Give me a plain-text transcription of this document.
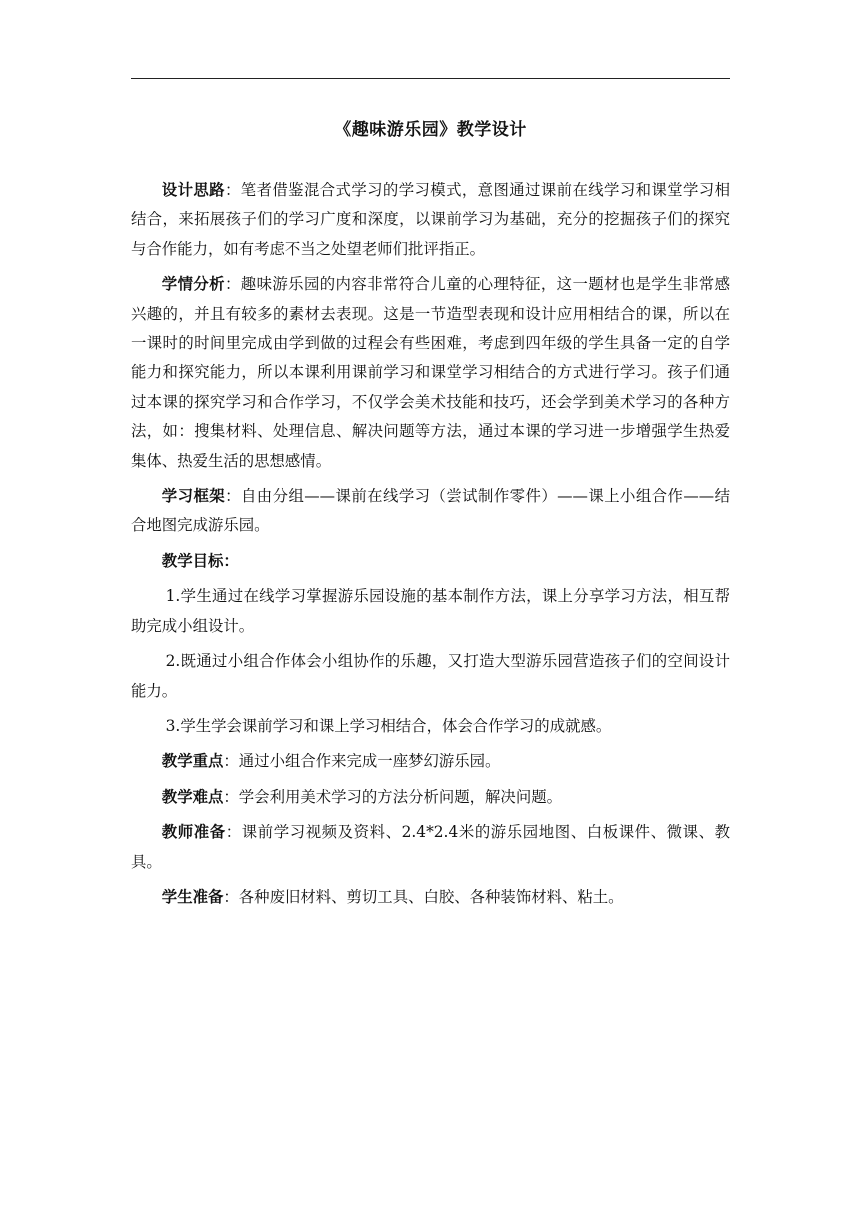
《趣味游乐园》教学设计

设计思路：笔者借鉴混合式学习的学习模式，意图通过课前在线学习和课堂学习相结合，来拓展孩子们的学习广度和深度，以课前学习为基础，充分的挖掘孩子们的探究与合作能力，如有考虑不当之处望老师们批评指正。

学情分析：趣味游乐园的内容非常符合儿童的心理特征，这一题材也是学生非常感兴趣的，并且有较多的素材去表现。这是一节造型表现和设计应用相结合的课，所以在一课时的时间里完成由学到做的过程会有些困难，考虑到四年级的学生具备一定的自学能力和探究能力，所以本课利用课前学习和课堂学习相结合的方式进行学习。孩子们通过本课的探究学习和合作学习，不仅学会美术技能和技巧，还会学到美术学习的各种方法，如：搜集材料、处理信息、解决问题等方法，通过本课的学习进一步增强学生热爱集体、热爱生活的思想感情。

学习框架：自由分组——课前在线学习（尝试制作零件）——课上小组合作——结合地图完成游乐园。

教学目标：

1.学生通过在线学习掌握游乐园设施的基本制作方法，课上分享学习方法，相互帮助完成小组设计。

2.既通过小组合作体会小组协作的乐趣，又打造大型游乐园营造孩子们的空间设计能力。

3.学生学会课前学习和课上学习相结合，体会合作学习的成就感。

教学重点：通过小组合作来完成一座梦幻游乐园。

教学难点：学会利用美术学习的方法分析问题，解决问题。

教师准备：课前学习视频及资料、2.4*2.4米的游乐园地图、白板课件、微课、教具。

学生准备：各种废旧材料、剪切工具、白胶、各种装饰材料、粘土。
